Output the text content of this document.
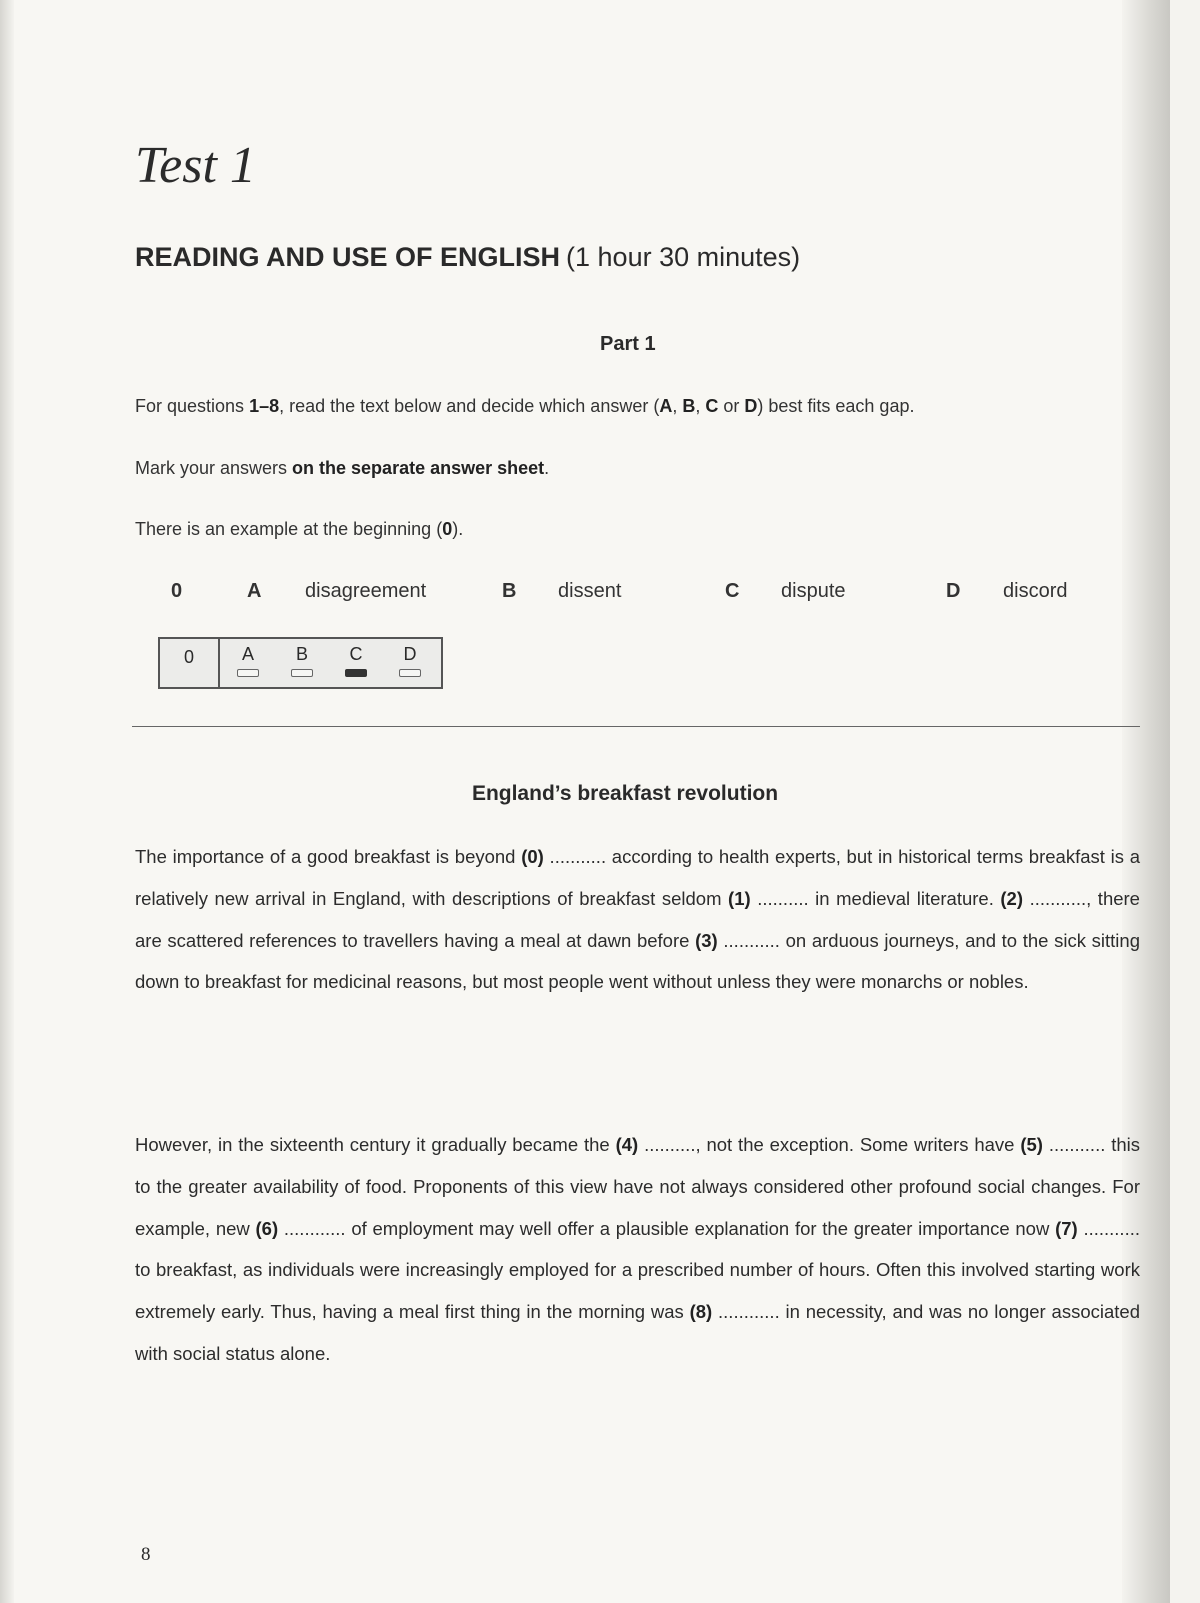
Test 1
READING AND USE OF ENGLISH (1 hour 30 minutes)
Part 1

For questions 1–8, read the text below and decide which answer (A, B, C or D) best fits each gap.

Mark your answers on the separate answer sheet.

There is an example at the beginning (0).

0	A disagreement	B dissent	C dispute	D discord
0	A	B	C	D
England’s breakfast revolution

The importance of a good breakfast is beyond (0) ........... according to health experts, but in historical terms breakfast is a relatively new arrival in England, with descriptions of breakfast seldom (1) .......... in medieval literature. (2) ..........., there are scattered references to travellers having a meal at dawn before (3) ........... on arduous journeys, and to the sick sitting down to breakfast for medicinal reasons, but most people went without unless they were monarchs or nobles.

However, in the sixteenth century it gradually became the (4) .........., not the exception. Some writers have (5) ........... this to the greater availability of food. Proponents of this view have not always considered other profound social changes. For example, new (6) ............ of employment may well offer a plausible explanation for the greater importance now (7) ........... to breakfast, as individuals were increasingly employed for a prescribed number of hours. Often this involved starting work extremely early. Thus, having a meal first thing in the morning was (8) ............ in necessity, and was no longer associated with social status alone.

8
